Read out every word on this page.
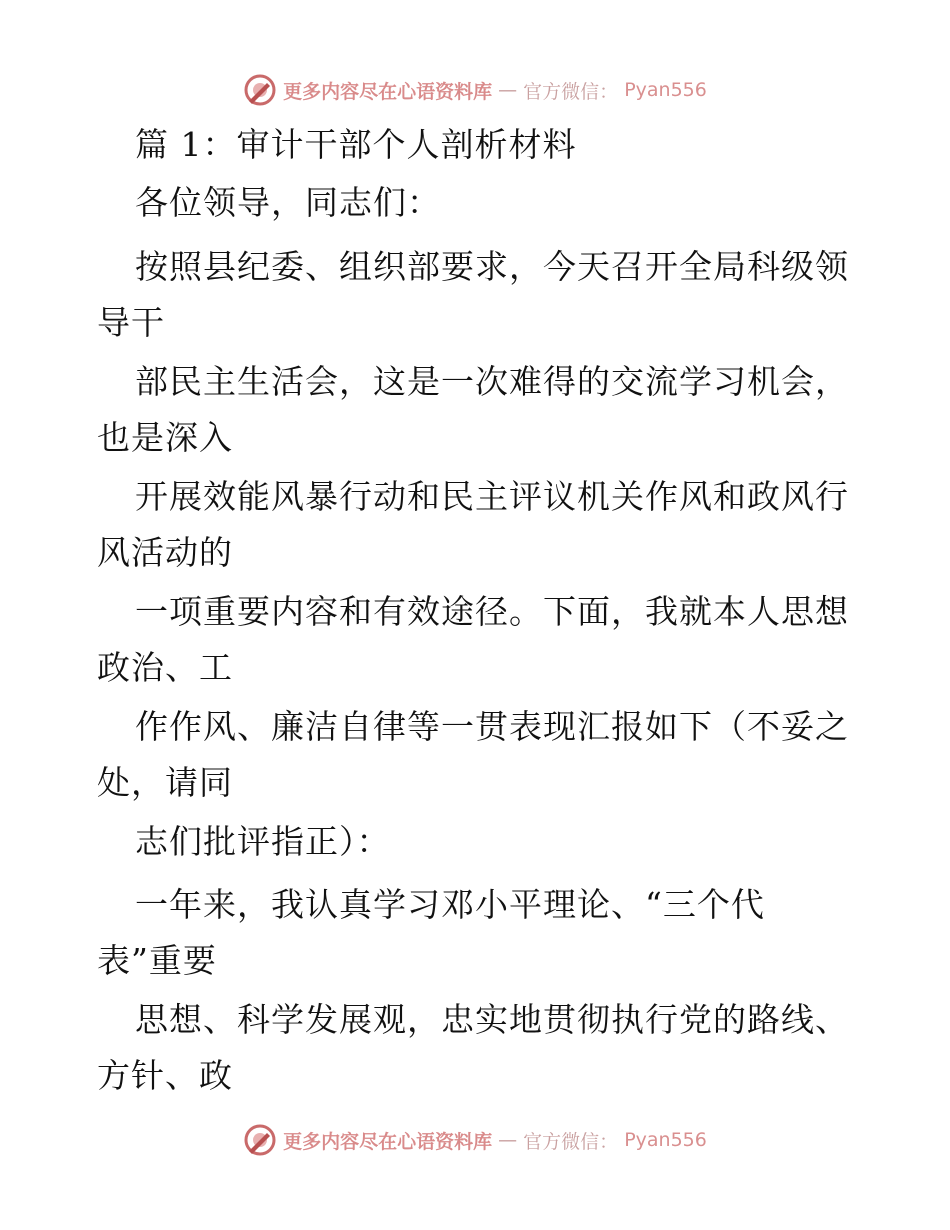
更多内容尽在心语资料库 — 官方微信： Pyan556
篇 1：审计干部个人剖析材料
各位领导，同志们：
按照县纪委、组织部要求，今天召开全局科级领
导干
部民主生活会，这是一次难得的交流学习机会，
也是深入
开展效能风暴行动和民主评议机关作风和政风行
风活动的
一项重要内容和有效途径。下面，我就本人思想
政治、工
作作风、廉洁自律等一贯表现汇报如下（不妥之
处，请同
志们批评指正）：
一年来，我认真学习邓小平理论、“三个代
表”重要
思想、科学发展观，忠实地贯彻执行党的路线、
方针、政
更多内容尽在心语资料库 — 官方微信： Pyan556
